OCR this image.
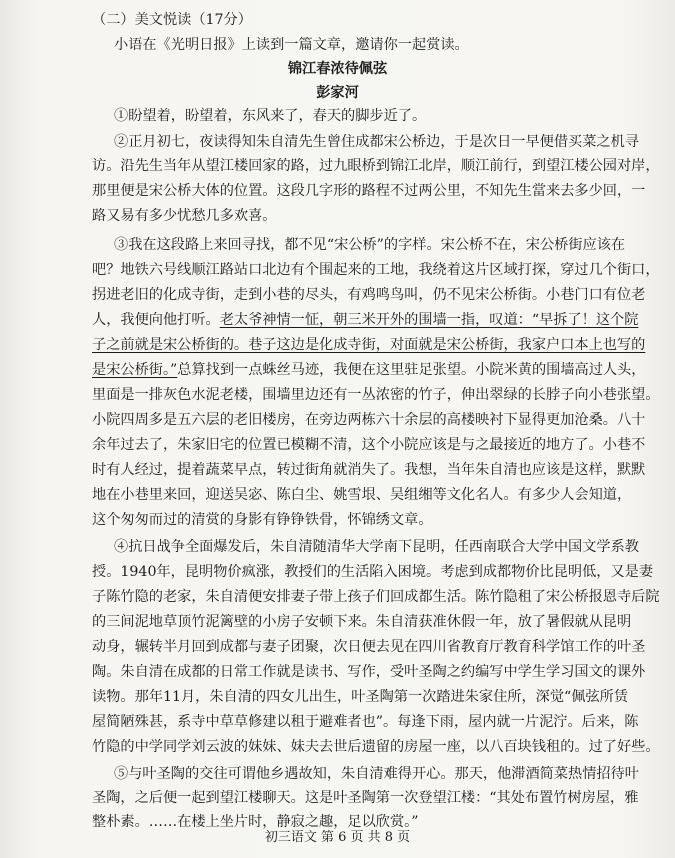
（二）美文悦读（17分）
小语在《光明日报》上读到一篇文章，邀请你一起赏读。
锦江春浓待佩弦
彭家河
①盼望着，盼望着，东风来了，春天的脚步近了。
②正月初七，夜读得知朱自清先生曾住成都宋公桥边，于是次日一早便借买菜之机寻
访。沿先生当年从望江楼回家的路，过九眼桥到锦江北岸，顺江前行，到望江楼公园对岸，
那里便是宋公桥大体的位置。这段几字形的路程不过两公里，不知先生當来去多少回，一
路又易有多少忧愁几多欢喜。
③我在这段路上来回寻找，都不见“宋公桥”的字样。宋公桥不在，宋公桥街应该在
吧？地铁六号线顺江路站口北边有个围起来的工地，我绕着这片区域打探，穿过几个街口，
拐进老旧的化成寺街，走到小巷的尽头，有鸡鸣鸟叫，仍不见宋公桥街。小巷门口有位老
人，我便向他打听。老太爷神情一怔，朝三米开外的围墙一指，叹道：“早拆了！这个院
子之前就是宋公桥街的。巷子这边是化成寺街，对面就是宋公桥街，我家户口本上也写的
是宋公桥街。”总算找到一点蛛丝马迹，我便在这里驻足张望。小院米黄的围墙高过人头，
里面是一排灰色水泥老楼，围墙里边还有一丛浓密的竹子，伸出翠绿的长脖子向小巷张望。
小院四周多是五六层的老旧楼房，在旁边两栋六十余层的高楼映衬下显得更加沧桑。八十
余年过去了，朱家旧宅的位置已模糊不清，这个小院应该是与之最接近的地方了。小巷不
时有人经过，提着蔬菜早点，转过街角就消失了。我想，当年朱自清也应该是这样，默默
地在小巷里来回，迎送吴宓、陈白尘、姚雪垠、吴组缃等文化名人。有多少人会知道，
这个匆匆而过的清赏的身影有铮铮铁骨，怀锦绣文章。
④抗日战争全面爆发后，朱自清随清华大学南下昆明，任西南联合大学中国文学系教
授。1940年，昆明物价疯涨，教授们的生活陷入困境。考虑到成都物价比昆明低，又是妻
子陈竹隐的老家，朱自清便安排妻子带上孩子们回成都生活。陈竹隐租了宋公桥报恩寺后院
的三间泥地草顶竹泥篱壁的小房子安顿下来。朱自清获准休假一年，放了暑假就从昆明
动身，辗转半月回到成都与妻子团聚，次日便去见在四川省教育厅教育科学馆工作的叶圣
陶。朱自清在成都的日常工作就是读书、写作，受叶圣陶之约编写中学生学习国文的课外
读物。那年11月，朱自清的四女儿出生，叶圣陶第一次踏进朱家住所，深觉“佩弦所赁
屋简陋殊甚，系寺中草草修建以租于避难者也”。每逢下雨，屋内就一片泥泞。后来，陈
竹隐的中学同学刘云波的妹妹、妹夫去世后遗留的房屋一座，以八百块钱租的。过了好些。
⑤与叶圣陶的交往可谓他乡遇故知，朱自清难得开心。那天，他滞酒简菜热情招待叶
圣陶，之后便一起到望江楼聊天。这是叶圣陶第一次登望江楼：“其处布置竹树房屋，雅
整朴素。……在楼上坐片时，静寂之趣，足以欣赏。”
初三语文 第 6 页 共 8 页
